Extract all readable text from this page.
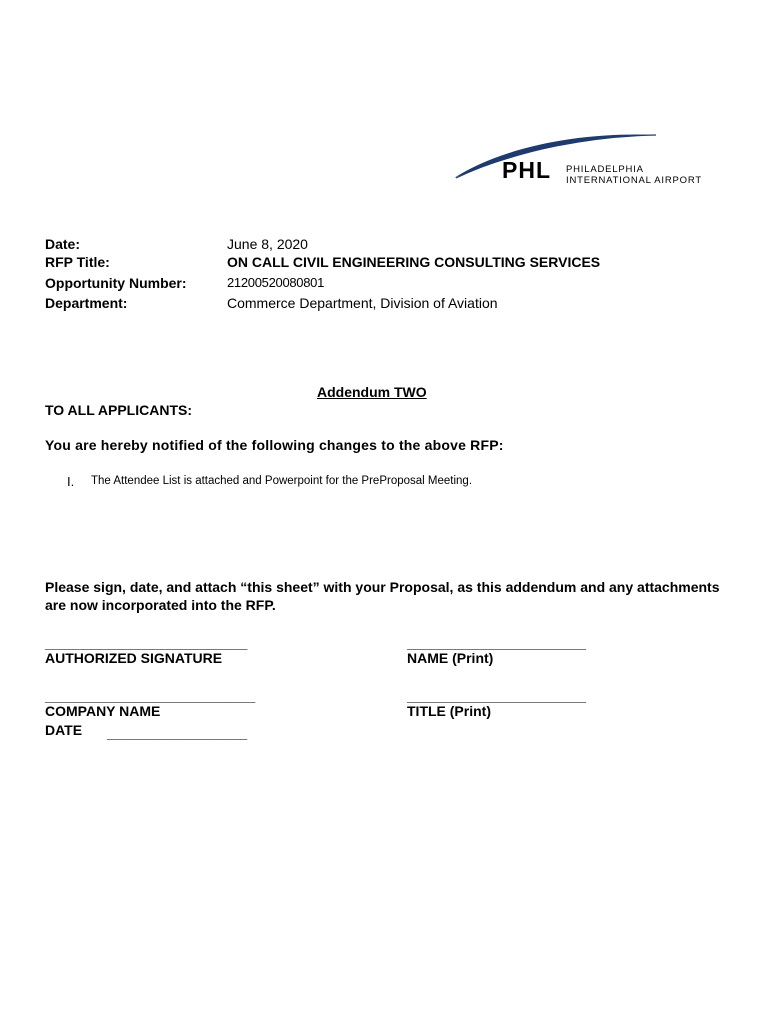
PHL PHILADELPHIA
INTERNATIONAL AIRPORT
Date:	June 8, 2020
RFP Title:	ON CALL CIVIL ENGINEERING CONSULTING SERVICES
Opportunity Number:	21200520080801
Department:	Commerce Department, Division of Aviation
Addendum TWO
TO ALL APPLICANTS:
You are hereby notified of the following changes to the above RFP:
I. The Attendee List is attached and Powerpoint for the PreProposal Meeting.
Please sign, date, and attach “this sheet” with your Proposal, as this addendum and any attachments are now incorporated into the RFP.
__________________________
AUTHORIZED SIGNATURE
_______________________
NAME (Print)
___________________________
COMPANY NAME
_______________________
TITLE (Print)
DATE __________________
